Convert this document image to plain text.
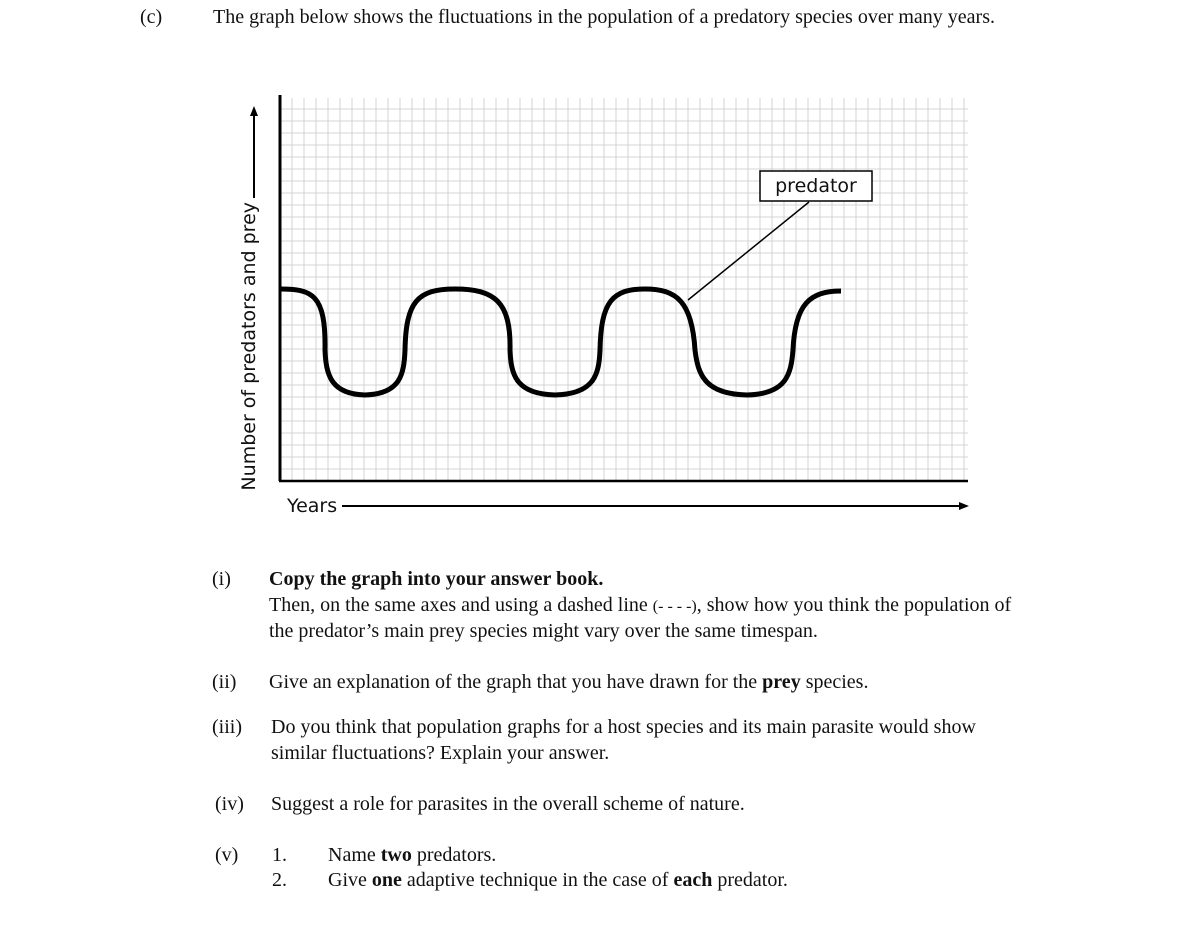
(c)	The graph below shows the fluctuations in the population of a predatory species over many years.
Number of predators and prey
Years
predator
(i) Copy the graph into your answer book.
Then, on the same axes and using a dashed line (- - - -), show how you think the population of
the predator’s main prey species might vary over the same timespan.
(ii) Give an explanation of the graph that you have drawn for the prey species.
(iii) Do you think that population graphs for a host species and its main parasite would show
similar fluctuations? Explain your answer.
(iv) Suggest a role for parasites in the overall scheme of nature.
(v) 1. Name two predators.
2. Give one adaptive technique in the case of each predator.
